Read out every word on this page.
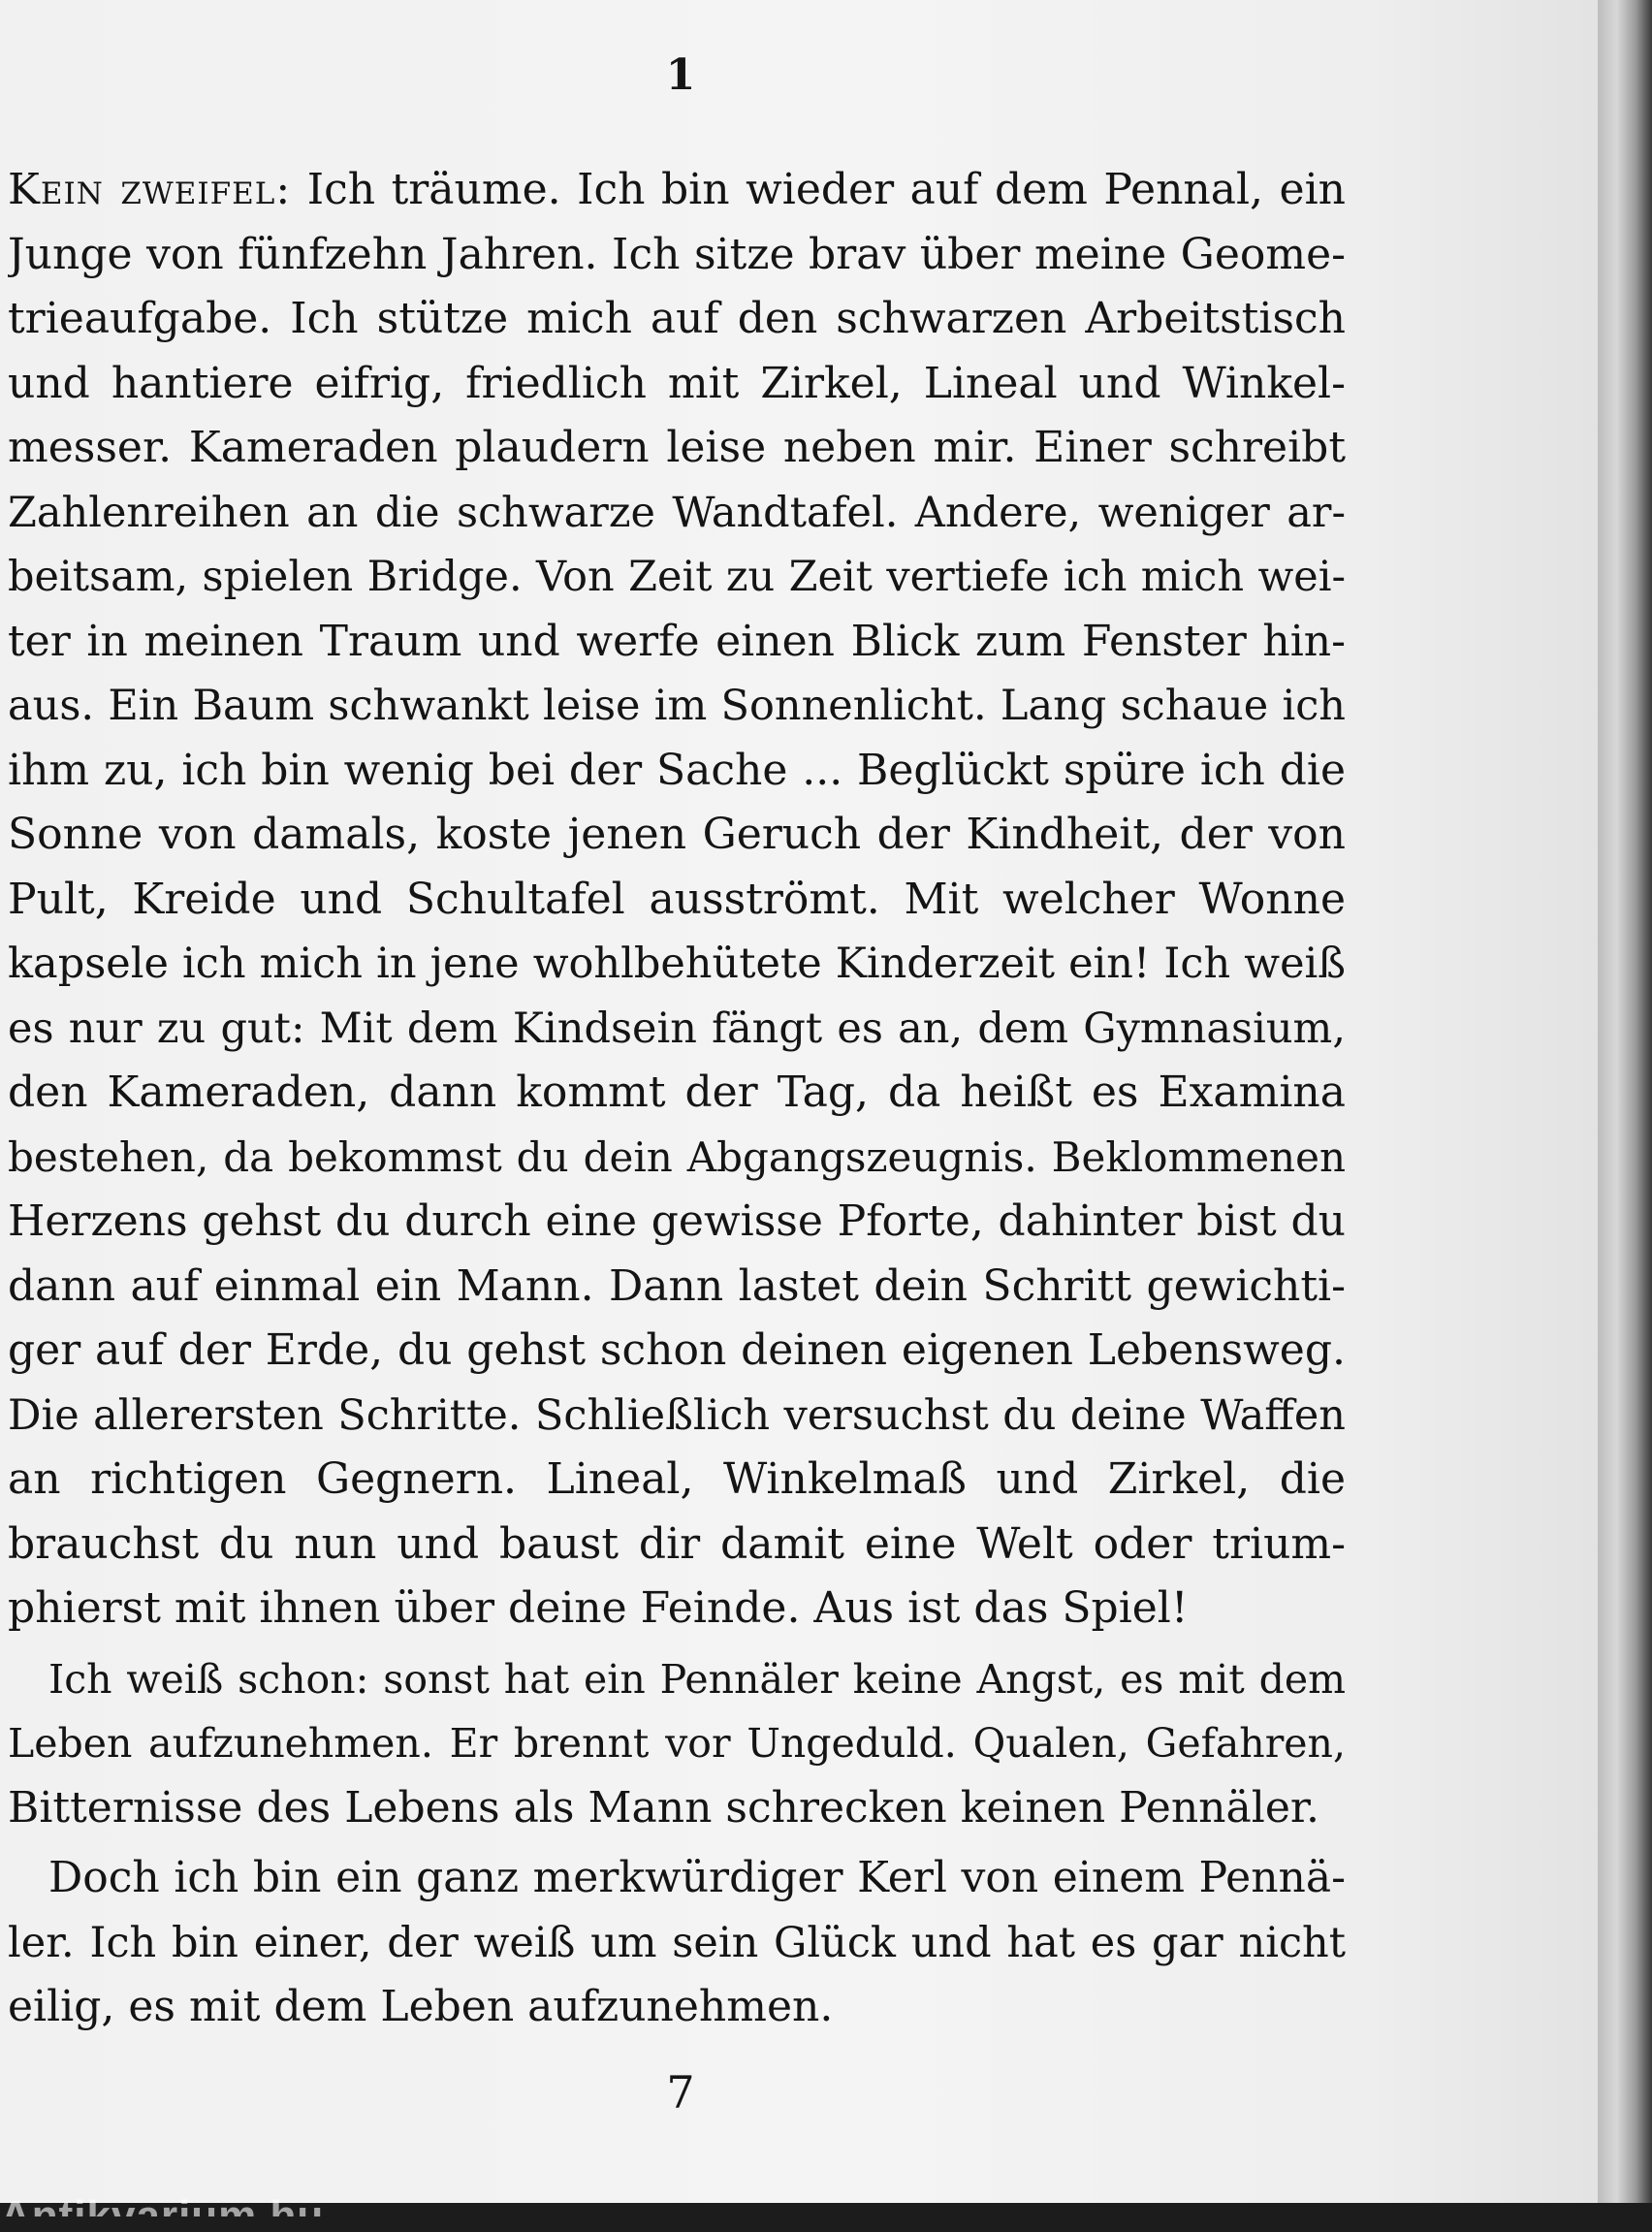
1
Kein zweifel: Ich träume. Ich bin wieder auf dem Pennal, ein
Junge von fünfzehn Jahren. Ich sitze brav über meine Geome-
trieaufgabe. Ich stütze mich auf den schwarzen Arbeitstisch
und hantiere eifrig, friedlich mit Zirkel, Lineal und Winkel-
messer. Kameraden plaudern leise neben mir. Einer schreibt
Zahlenreihen an die schwarze Wandtafel. Andere, weniger ar-
beitsam, spielen Bridge. Von Zeit zu Zeit vertiefe ich mich wei-
ter in meinen Traum und werfe einen Blick zum Fenster hin-
aus. Ein Baum schwankt leise im Sonnenlicht. Lang schaue ich
ihm zu, ich bin wenig bei der Sache ... Beglückt spüre ich die
Sonne von damals, koste jenen Geruch der Kindheit, der von
Pult, Kreide und Schultafel ausströmt. Mit welcher Wonne
kapsele ich mich in jene wohlbehütete Kinderzeit ein! Ich weiß
es nur zu gut: Mit dem Kindsein fängt es an, dem Gymnasium,
den Kameraden, dann kommt der Tag, da heißt es Examina
bestehen, da bekommst du dein Abgangszeugnis. Beklommenen
Herzens gehst du durch eine gewisse Pforte, dahinter bist du
dann auf einmal ein Mann. Dann lastet dein Schritt gewichti-
ger auf der Erde, du gehst schon deinen eigenen Lebensweg.
Die allerersten Schritte. Schließlich versuchst du deine Waffen
an richtigen Gegnern. Lineal, Winkelmaß und Zirkel, die
brauchst du nun und baust dir damit eine Welt oder trium-
phierst mit ihnen über deine Feinde. Aus ist das Spiel!
Ich weiß schon: sonst hat ein Pennäler keine Angst, es mit dem
Leben aufzunehmen. Er brennt vor Ungeduld. Qualen, Gefahren,
Bitternisse des Lebens als Mann schrecken keinen Pennäler.
Doch ich bin ein ganz merkwürdiger Kerl von einem Pennä-
ler. Ich bin einer, der weiß um sein Glück und hat es gar nicht
eilig, es mit dem Leben aufzunehmen.
7
Antikvarium.hu
